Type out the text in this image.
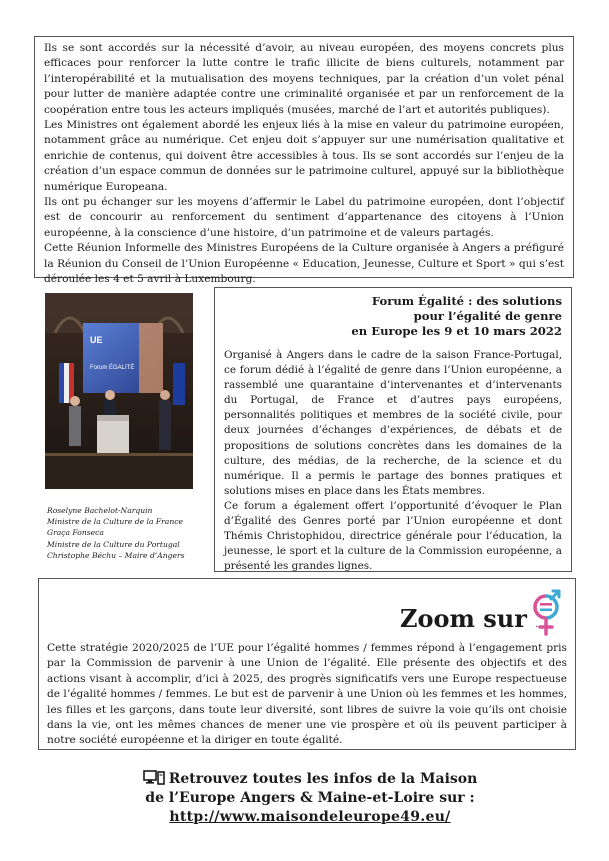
Ils se sont accordés sur la nécessité d’avoir, au niveau européen, des moyens concrets plus efficaces pour renforcer la lutte contre le trafic illicite de biens culturels, notamment par l’interopérabilité et la mutualisation des moyens techniques, par la création d’un volet pénal pour lutter de manière adaptée contre une criminalité organisée et par un renforcement de la coopération entre tous les acteurs impliqués (musées, marché de l’art et autorités publiques).

Les Ministres ont également abordé les enjeux liés à la mise en valeur du patrimoine européen, notamment grâce au numérique. Cet enjeu doit s’appuyer sur une numérisation qualitative et enrichie de contenus, qui doivent être accessibles à tous. Ils se sont accordés sur l’enjeu de la création d’un espace commun de données sur le patrimoine culturel, appuyé sur la bibliothèque numérique Europeana.

Ils ont pu échanger sur les moyens d’affermir le Label du patrimoine européen, dont l’objectif est de concourir au renforcement du sentiment d’appartenance des citoyens à l’Union européenne, à la conscience d’une histoire, d’un patrimoine et de valeurs partagés.

Cette Réunion Informelle des Ministres Européens de la Culture organisée à Angers a préfiguré la Réunion du Conseil de l’Union Européenne « Education, Jeunesse, Culture et Sport » qui s’est déroulée les 4 et 5 avril à Luxembourg.

UE
Forum ÉGALITÉ
Roselyne Bachelot-Narquin
Ministre de la Culture de la France
Graça Fonseca
Ministre de la Culture du Portugal
Christophe Béchu – Maire d’Angers
Forum Égalité : des solutions
pour l’égalité de genre
en Europe les 9 et 10 mars 2022

Organisé à Angers dans le cadre de la saison France-Portugal, ce forum dédié à l’égalité de genre dans l’Union européenne, a rassemblé une quarantaine d’intervenantes et d’intervenants du Portugal, de France et d’autres pays européens, personnalités politiques et membres de la société civile, pour deux journées d’échanges d’expériences, de débats et de propositions de solutions concrètes dans les domaines de la culture, des médias, de la recherche, de la science et du numérique. Il a permis le partage des bonnes pratiques et solutions mises en place dans les États membres.

Ce forum a également offert l’opportunité d’évoquer le Plan d’Égalité des Genres porté par l’Union européenne et dont Thémis Christophidou, directrice générale pour l’éducation, la jeunesse, le sport et la culture de la Commission européenne, a présenté les grandes lignes.

Zoom sur …

Cette stratégie 2020/2025 de l’UE pour l’égalité hommes / femmes répond à l’engagement pris par la Commission de parvenir à une Union de l’égalité. Elle présente des objectifs et des actions visant à accomplir, d’ici à 2025, des progrès significatifs vers une Europe respectueuse de l’égalité hommes / femmes. Le but est de parvenir à une Union où les femmes et les hommes, les filles et les garçons, dans toute leur diversité, sont libres de suivre la voie qu’ils ont choisie dans la vie, ont les mêmes chances de mener une vie prospère et où ils peuvent participer à notre société européenne et la diriger en toute égalité.

Retrouvez toutes les infos de la Maison
de l’Europe Angers & Maine-et-Loire sur :
http://www.maisondeleurope49.eu/
